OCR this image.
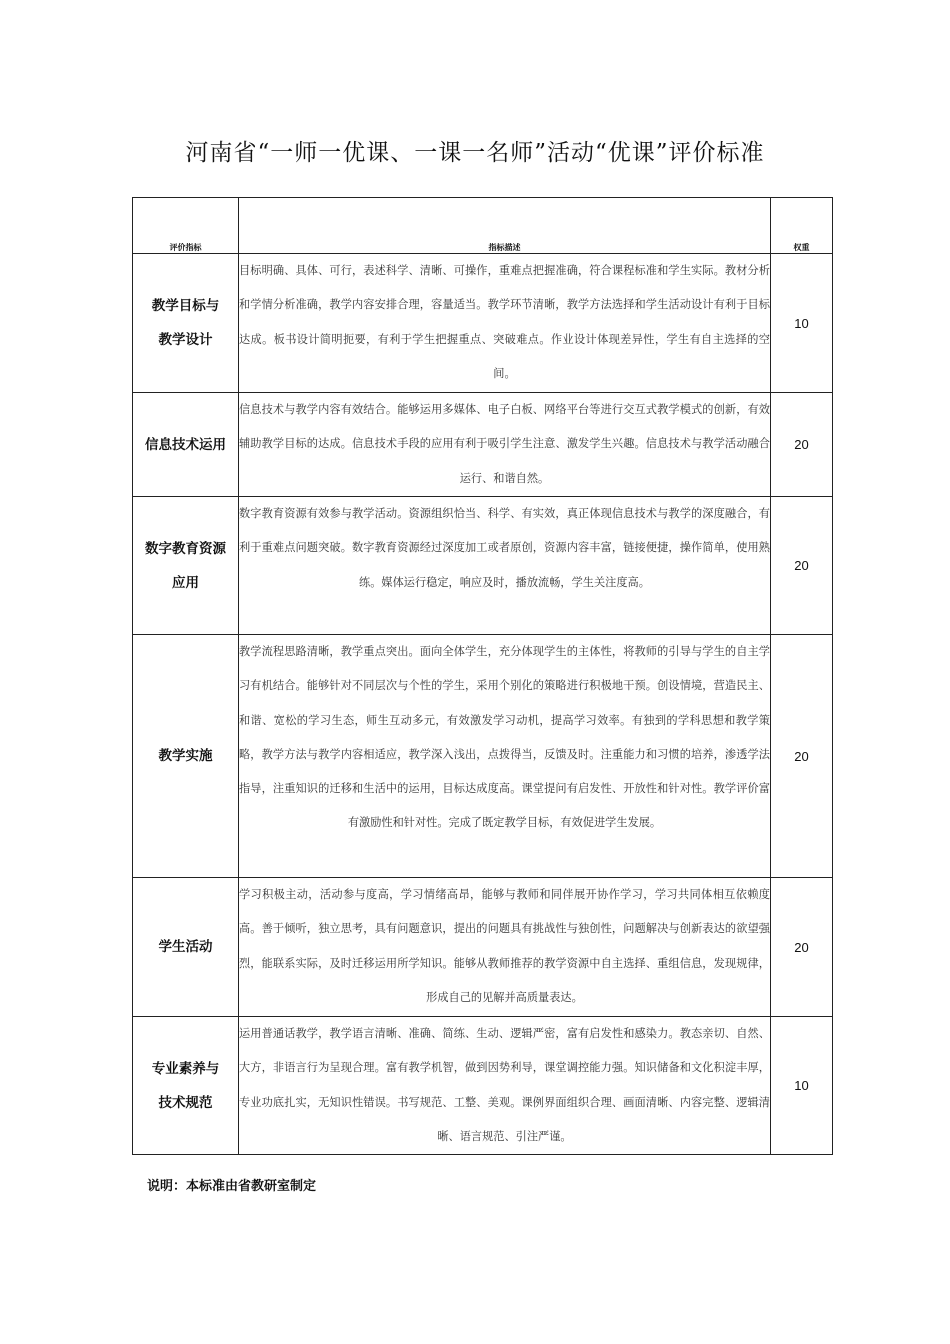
河南省“一师一优课、一课一名师”活动“优课”评价标准
评价指标	指标描述	权重

教学目标与
教学设计	目标明确、具体、可行，表述科学、清晰、可操作，重难点把握准确，符合课程标准和学生实际。教材分析和学情分析准确，教学内容安排合理，容量适当。教学环节清晰，教学方法选择和学生活动设计有利于目标达成。板书设计简明扼要，有利于学生把握重点、突破难点。作业设计体现差异性，学生有自主选择的空间。	10

信息技术运用	信息技术与教学内容有效结合。能够运用多媒体、电子白板、网络平台等进行交互式教学模式的创新，有效辅助教学目标的达成。信息技术手段的应用有利于吸引学生注意、激发学生兴趣。信息技术与教学活动融合运行、和谐自然。	20

数字教育资源
应用	数字教育资源有效参与教学活动。资源组织恰当、科学、有实效，真正体现信息技术与教学的深度融合，有利于重难点问题突破。数字教育资源经过深度加工或者原创，资源内容丰富，链接便捷，操作简单，使用熟练。媒体运行稳定，响应及时，播放流畅，学生关注度高。	20

教学实施	教学流程思路清晰，教学重点突出。面向全体学生，充分体现学生的主体性，将教师的引导与学生的自主学习有机结合。能够针对不同层次与个性的学生，采用个别化的策略进行积极地干预。创设情境，营造民主、和谐、宽松的学习生态，师生互动多元，有效激发学习动机，提高学习效率。有独到的学科思想和教学策略，教学方法与教学内容相适应，教学深入浅出，点拨得当，反馈及时。注重能力和习惯的培养，渗透学法指导，注重知识的迁移和生活中的运用，目标达成度高。课堂提问有启发性、开放性和针对性。教学评价富有激励性和针对性。完成了既定教学目标，有效促进学生发展。	20

学生活动	学习积极主动，活动参与度高，学习情绪高昂，能够与教师和同伴展开协作学习，学习共同体相互依赖度高。善于倾听，独立思考，具有问题意识，提出的问题具有挑战性与独创性，问题解决与创新表达的欲望强烈，能联系实际，及时迁移运用所学知识。能够从教师推荐的教学资源中自主选择、重组信息，发现规律，形成自己的见解并高质量表达。	20

专业素养与
技术规范	运用普通话教学，教学语言清晰、准确、简练、生动、逻辑严密，富有启发性和感染力。教态亲切、自然、大方，非语言行为呈现合理。富有教学机智，做到因势利导，课堂调控能力强。知识储备和文化积淀丰厚，专业功底扎实，无知识性错误。书写规范、工整、美观。课例界面组织合理、画面清晰、内容完整、逻辑清晰、语言规范、引注严谨。	10
说明：本标准由省教研室制定
